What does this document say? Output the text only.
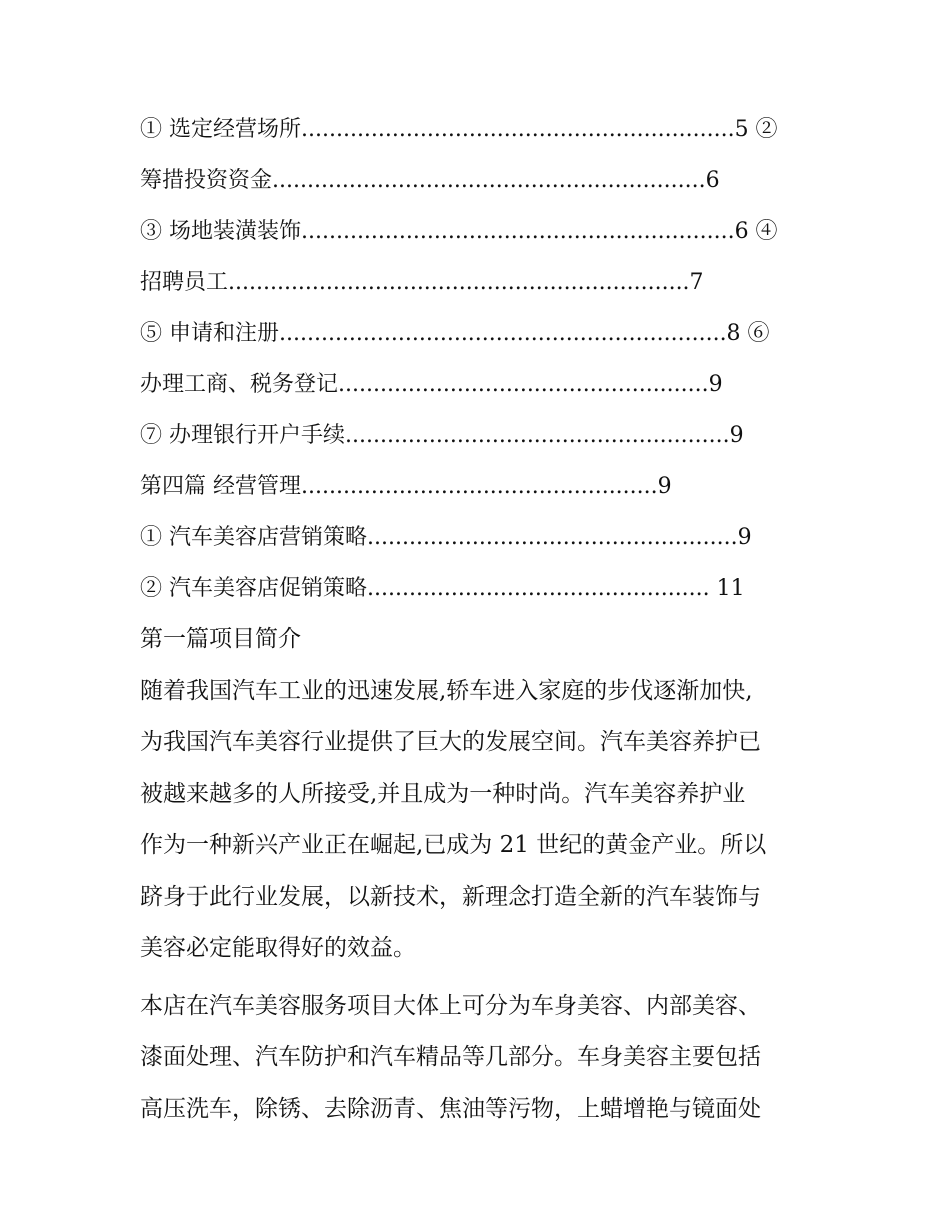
① 选定经营场所..............................................................5 ②
筹措投资资金..............................................................6
③ 场地装潢装饰..............................................................6 ④
招聘员工..................................................................7
⑤ 申请和注册................................................................8 ⑥
办理工商、税务登记.....................................................9
⑦ 办理银行开户手续.......................................................9
第四篇 经营管理...................................................9
① 汽车美容店营销策略.....................................................9
② 汽车美容店促销策略................................................. 11
第一篇项目简介
随着我国汽车工业的迅速发展,轿车进入家庭的步伐逐渐加快,
为我国汽车美容行业提供了巨大的发展空间。汽车美容养护已
被越来越多的人所接受,并且成为一种时尚。汽车美容养护业
作为一种新兴产业正在崛起,已成为 21 世纪的黄金产业。所以
跻身于此行业发展，以新技术，新理念打造全新的汽车装饰与
美容必定能取得好的效益。
本店在汽车美容服务项目大体上可分为车身美容、内部美容、
漆面处理、汽车防护和汽车精品等几部分。车身美容主要包括
高压洗车，除锈、去除沥青、焦油等污物，上蜡增艳与镜面处
